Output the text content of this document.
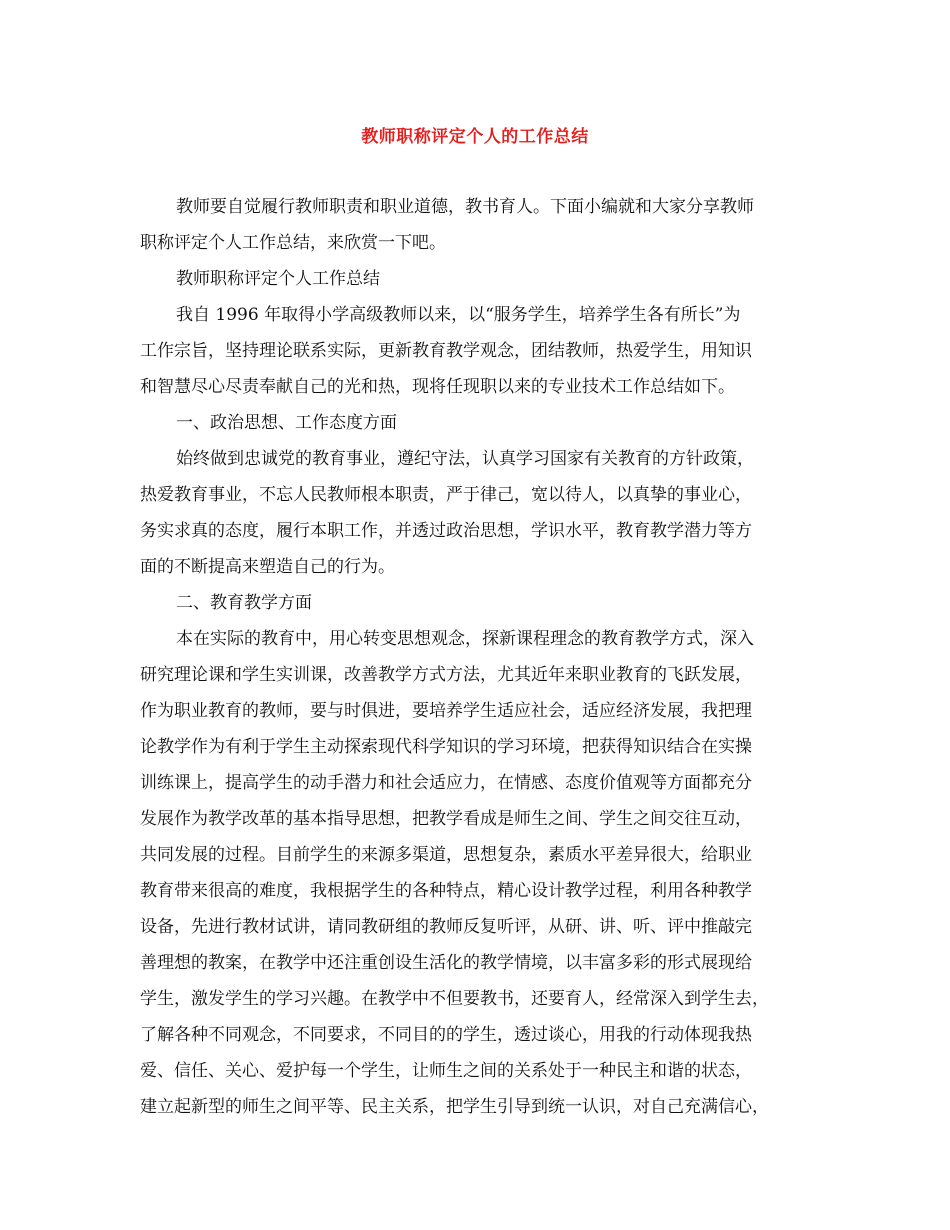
教师职称评定个人的工作总结
教师要自觉履行教师职责和职业道德，教书育人。下面小编就和大家分享教师
职称评定个人工作总结，来欣赏一下吧。
教师职称评定个人工作总结
我自 1996 年取得小学高级教师以来，以“服务学生，培养学生各有所长”为
工作宗旨，坚持理论联系实际，更新教育教学观念，团结教师，热爱学生，用知识
和智慧尽心尽责奉献自己的光和热，现将任现职以来的专业技术工作总结如下。
一、政治思想、工作态度方面
始终做到忠诚党的教育事业，遵纪守法，认真学习国家有关教育的方针政策，
热爱教育事业，不忘人民教师根本职责，严于律己，宽以待人，以真挚的事业心，
务实求真的态度，履行本职工作，并透过政治思想，学识水平，教育教学潜力等方
面的不断提高来塑造自己的行为。
二、教育教学方面
本在实际的教育中，用心转变思想观念，探新课程理念的教育教学方式，深入
研究理论课和学生实训课，改善教学方式方法，尤其近年来职业教育的飞跃发展，
作为职业教育的教师，要与时俱进，要培养学生适应社会，适应经济发展，我把理
论教学作为有利于学生主动探索现代科学知识的学习环境，把获得知识结合在实操
训练课上，提高学生的动手潜力和社会适应力，在情感、态度价值观等方面都充分
发展作为教学改革的基本指导思想，把教学看成是师生之间、学生之间交往互动，
共同发展的过程。目前学生的来源多渠道，思想复杂，素质水平差异很大，给职业
教育带来很高的难度，我根据学生的各种特点，精心设计教学过程，利用各种教学
设备，先进行教材试讲，请同教研组的教师反复听评，从研、讲、听、评中推敲完
善理想的教案，在教学中还注重创设生活化的教学情境，以丰富多彩的形式展现给
学生，激发学生的学习兴趣。在教学中不但要教书，还要育人，经常深入到学生去，
了解各种不同观念，不同要求，不同目的的学生，透过谈心，用我的行动体现我热
爱、信任、关心、爱护每一个学生，让师生之间的关系处于一种民主和谐的状态，
建立起新型的师生之间平等、民主关系，把学生引导到统一认识，对自己充满信心，
